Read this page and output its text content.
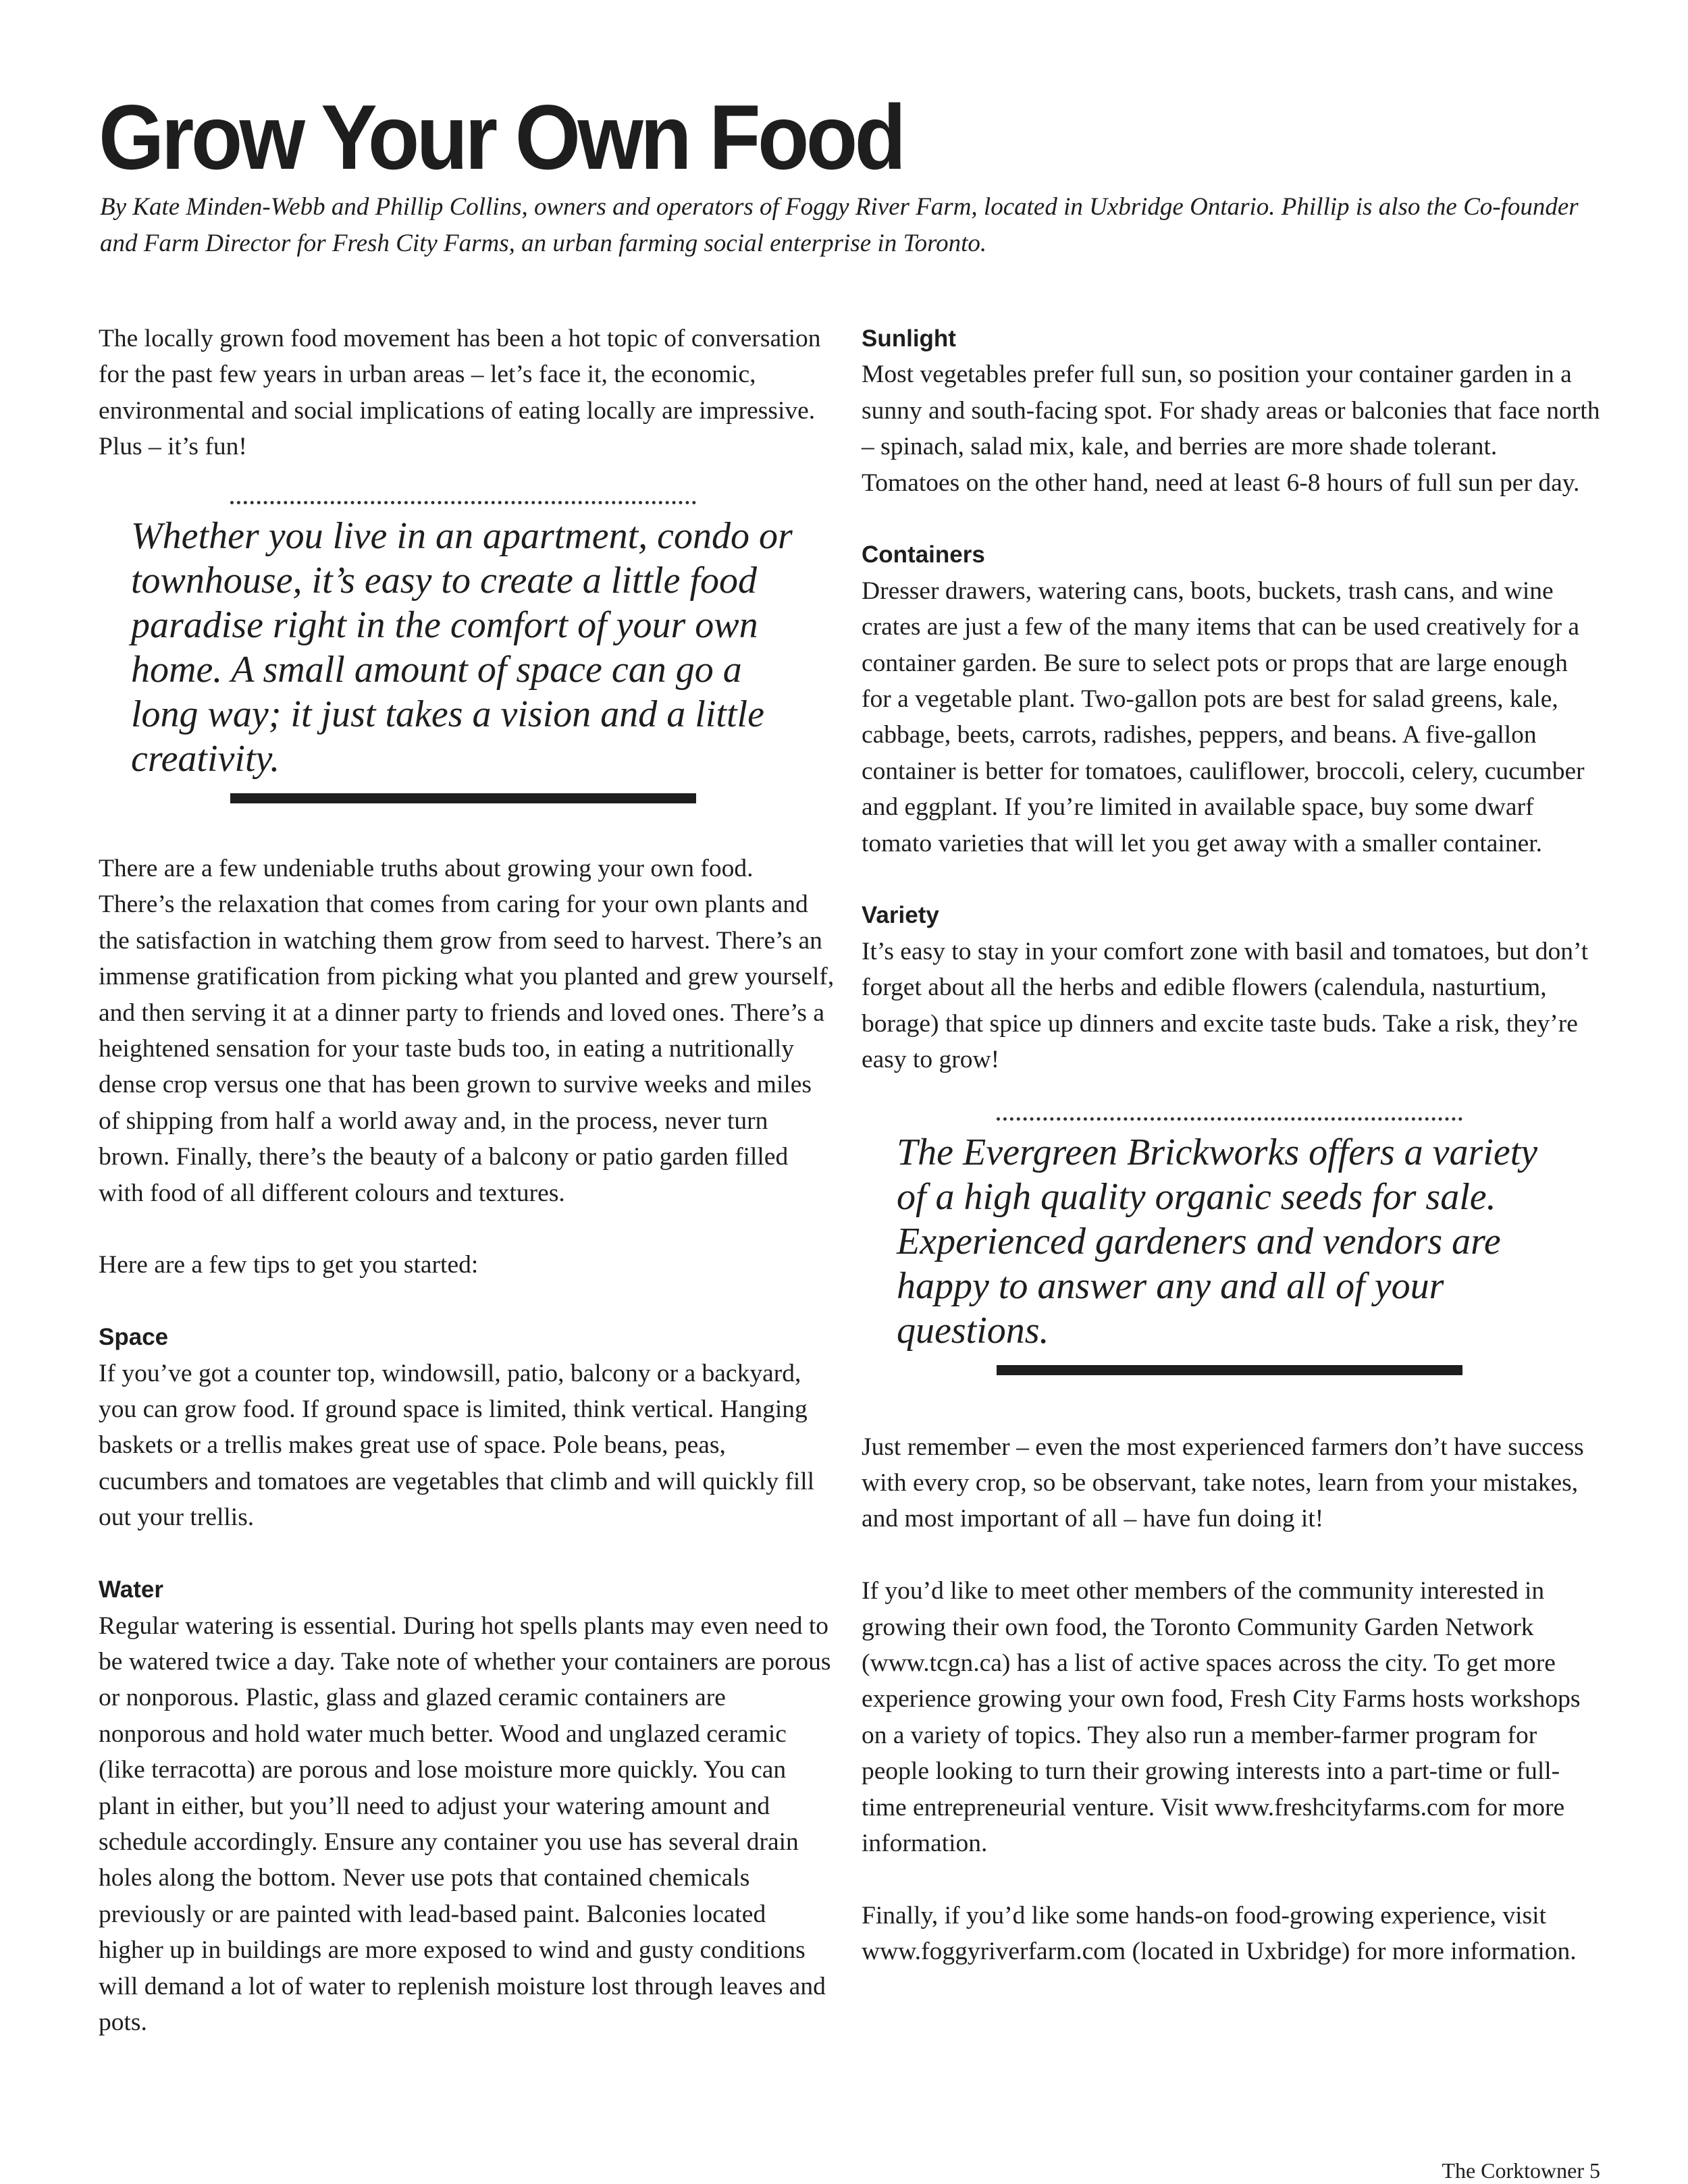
Grow Your Own Food

By Kate Minden-Webb and Phillip Collins, owners and operators of Foggy River Farm, located in Uxbridge Ontario. Phillip is also the Co-founder and Farm Director for Fresh City Farms, an urban farming social enterprise in Toronto.

The locally grown food movement has been a hot topic of conversation for the past few years in urban areas – let’s face it, the economic, environmental and social implications of eating locally are impressive. Plus – it’s fun!

Whether you live in an apartment, condo or townhouse, it’s easy to create a little food paradise right in the comfort of your own home. A small amount of space can go a long way; it just takes a vision and a little creativity.

There are a few undeniable truths about growing your own food. There’s the relaxation that comes from caring for your own plants and the satisfaction in watching them grow from seed to harvest. There’s an immense gratification from picking what you planted and grew yourself, and then serving it at a dinner party to friends and loved ones. There’s a heightened sensation for your taste buds too, in eating a nutritionally dense crop versus one that has been grown to survive weeks and miles of shipping from half a world away and, in the process, never turn brown. Finally, there’s the beauty of a balcony or patio garden filled with food of all different colours and textures.

Here are a few tips to get you started:

Space

If you’ve got a counter top, windowsill, patio, balcony or a backyard, you can grow food. If ground space is limited, think vertical. Hanging baskets or a trellis makes great use of space. Pole beans, peas, cucumbers and tomatoes are vegetables that climb and will quickly fill out your trellis.

Water

Regular watering is essential. During hot spells plants may even need to be watered twice a day. Take note of whether your containers are porous or nonporous. Plastic, glass and glazed ceramic containers are nonporous and hold water much better. Wood and unglazed ceramic (like terracotta) are porous and lose moisture more quickly. You can plant in either, but you’ll need to adjust your watering amount and schedule accordingly. Ensure any container you use has several drain holes along the bottom. Never use pots that contained chemicals previously or are painted with lead-based paint. Balconies located higher up in buildings are more exposed to wind and gusty conditions will demand a lot of water to replenish moisture lost through leaves and pots.

Sunlight

Most vegetables prefer full sun, so position your container garden in a sunny and south-facing spot. For shady areas or balconies that face north – spinach, salad mix, kale, and berries are more shade tolerant. Tomatoes on the other hand, need at least 6-8 hours of full sun per day.

Containers

Dresser drawers, watering cans, boots, buckets, trash cans, and wine crates are just a few of the many items that can be used creatively for a container garden. Be sure to select pots or props that are large enough for a vegetable plant. Two-gallon pots are best for salad greens, kale, cabbage, beets, carrots, radishes, peppers, and beans. A five-gallon container is better for tomatoes, cauliflower, broccoli, celery, cucumber and eggplant. If you’re limited in available space, buy some dwarf tomato varieties that will let you get away with a smaller container.

Variety

It’s easy to stay in your comfort zone with basil and tomatoes, but don’t forget about all the herbs and edible flowers (calendula, nasturtium, borage) that spice up dinners and excite taste buds. Take a risk, they’re easy to grow!

The Evergreen Brickworks offers a variety of a high quality organic seeds for sale. Experienced gardeners and vendors are happy to answer any and all of your questions.

Just remember – even the most experienced farmers don’t have success with every crop, so be observant, take notes, learn from your mistakes, and most important of all – have fun doing it!

If you’d like to meet other members of the community interested in growing their own food, the Toronto Community Garden Network (www.tcgn.ca) has a list of active spaces across the city. To get more experience growing your own food, Fresh City Farms hosts workshops on a variety of topics. They also run a member-farmer program for people looking to turn their growing interests into a part-time or full-time entrepreneurial venture. Visit www.freshcityfarms.com for more information.

Finally, if you’d like some hands-on food-growing experience, visit www.foggyriverfarm.com (located in Uxbridge) for more information.

The Corktowner 5
